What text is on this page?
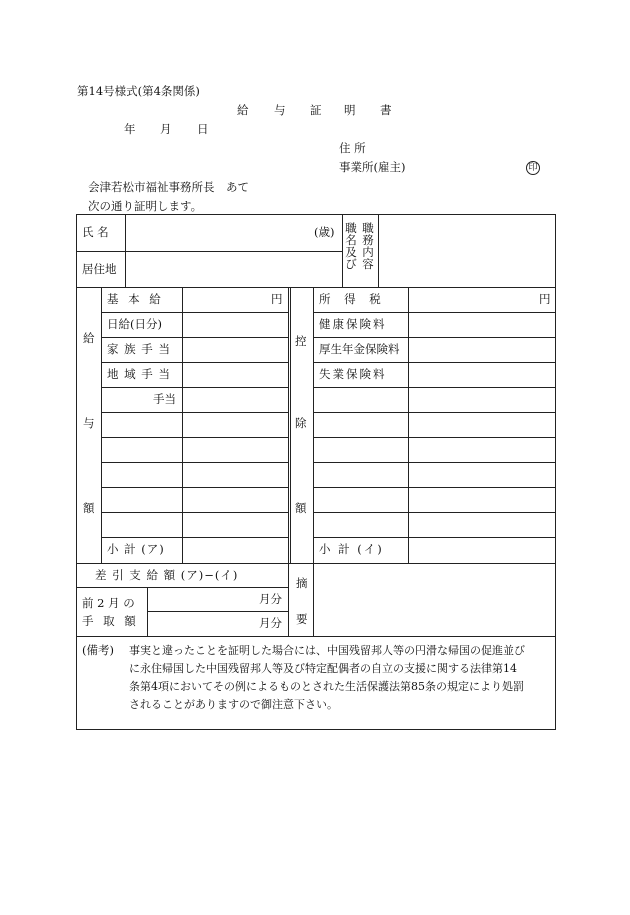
第14号様式(第4条関係)
給 与 証 明 書
年 月 日
住 所
事業所(雇主)	印
会津若松市福祉事務所長　あて
次の通り証明します。
氏 名	(歳)
居住地
職名及び
職務内容
給
与
額
基 本 給
日給(日分)
家 族 手 当
地 域 手 当
手当
円
小 計 (ア)
控
除
額
所 得 税
健康保険料
厚生年金保険料
失業保険料
円
小 計 (イ)
差 引 支 給 額 (ア)−(イ)
前 2 月 の
手 取 額
月分
月分
摘
要
(備考) 事実と違ったことを証明した場合には、中国残留邦人等の円滑な帰国の促進並び
に永住帰国した中国残留邦人等及び特定配偶者の自立の支援に関する法律第14
条第4項においてその例によるものとされた生活保護法第85条の規定により処罰
されることがありますので御注意下さい。
